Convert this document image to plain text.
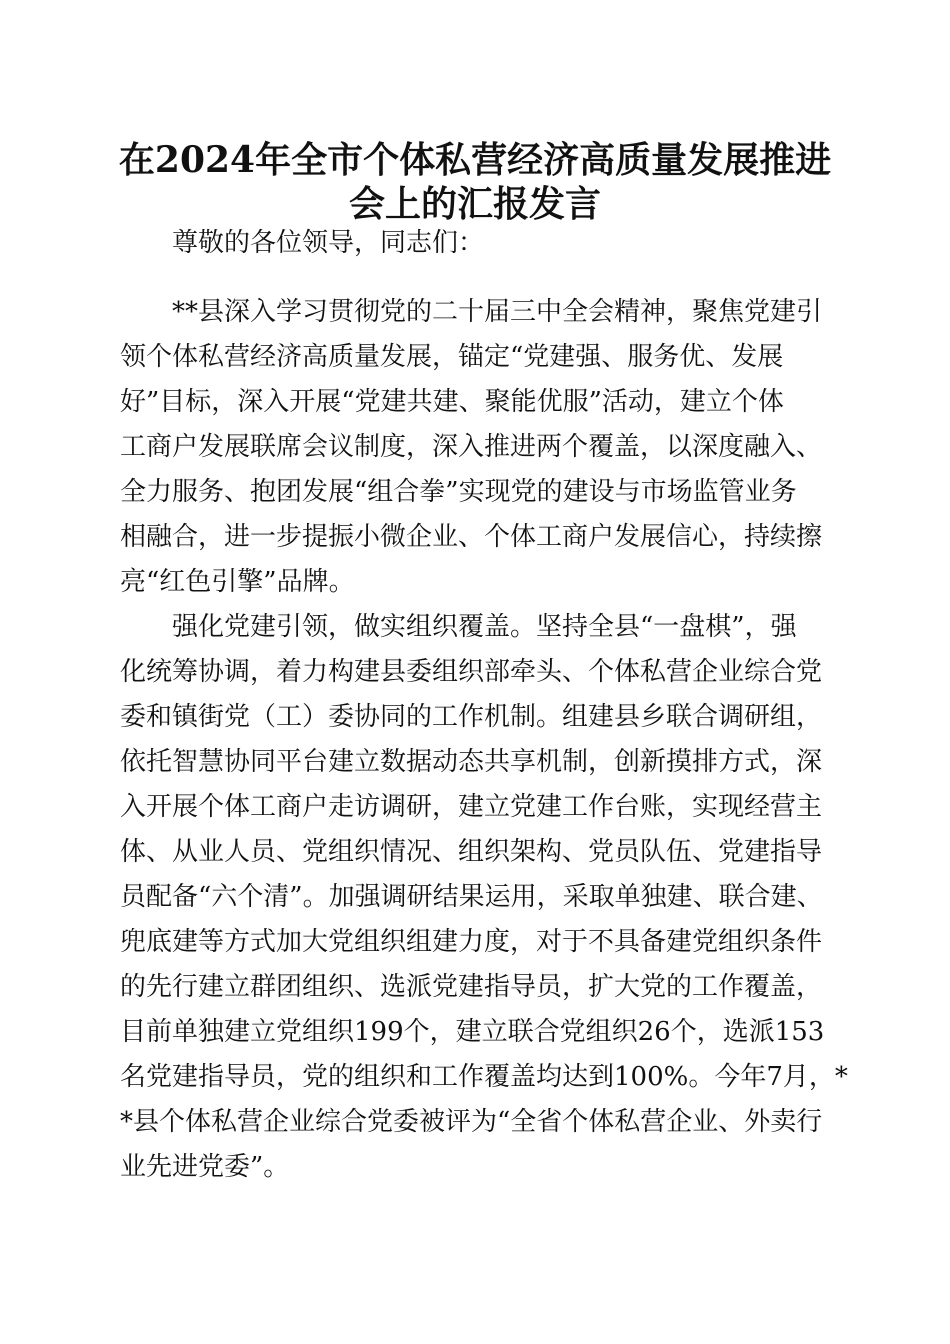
在2024年全市个体私营经济高质量发展推进
会上的汇报发言
尊敬的各位领导，同志们：
**县深入学习贯彻党的二十届三中全会精神，聚焦党建引
领个体私营经济高质量发展，锚定“党建强、服务优、发展
好”目标，深入开展“党建共建、聚能优服”活动，建立个体
工商户发展联席会议制度，深入推进两个覆盖，以深度融入、
全力服务、抱团发展“组合拳”实现党的建设与市场监管业务
相融合，进一步提振小微企业、个体工商户发展信心，持续擦
亮“红色引擎”品牌。
强化党建引领，做实组织覆盖。坚持全县“一盘棋”，强
化统筹协调，着力构建县委组织部牵头、个体私营企业综合党
委和镇街党（工）委协同的工作机制。组建县乡联合调研组，
依托智慧协同平台建立数据动态共享机制，创新摸排方式，深
入开展个体工商户走访调研，建立党建工作台账，实现经营主
体、从业人员、党组织情况、组织架构、党员队伍、党建指导
员配备“六个清”。加强调研结果运用，采取单独建、联合建、
兜底建等方式加大党组织组建力度，对于不具备建党组织条件
的先行建立群团组织、选派党建指导员，扩大党的工作覆盖，
目前单独建立党组织199个，建立联合党组织26个，选派153
名党建指导员，党的组织和工作覆盖均达到100%。今年7月，*
*县个体私营企业综合党委被评为“全省个体私营企业、外卖行
业先进党委”。
